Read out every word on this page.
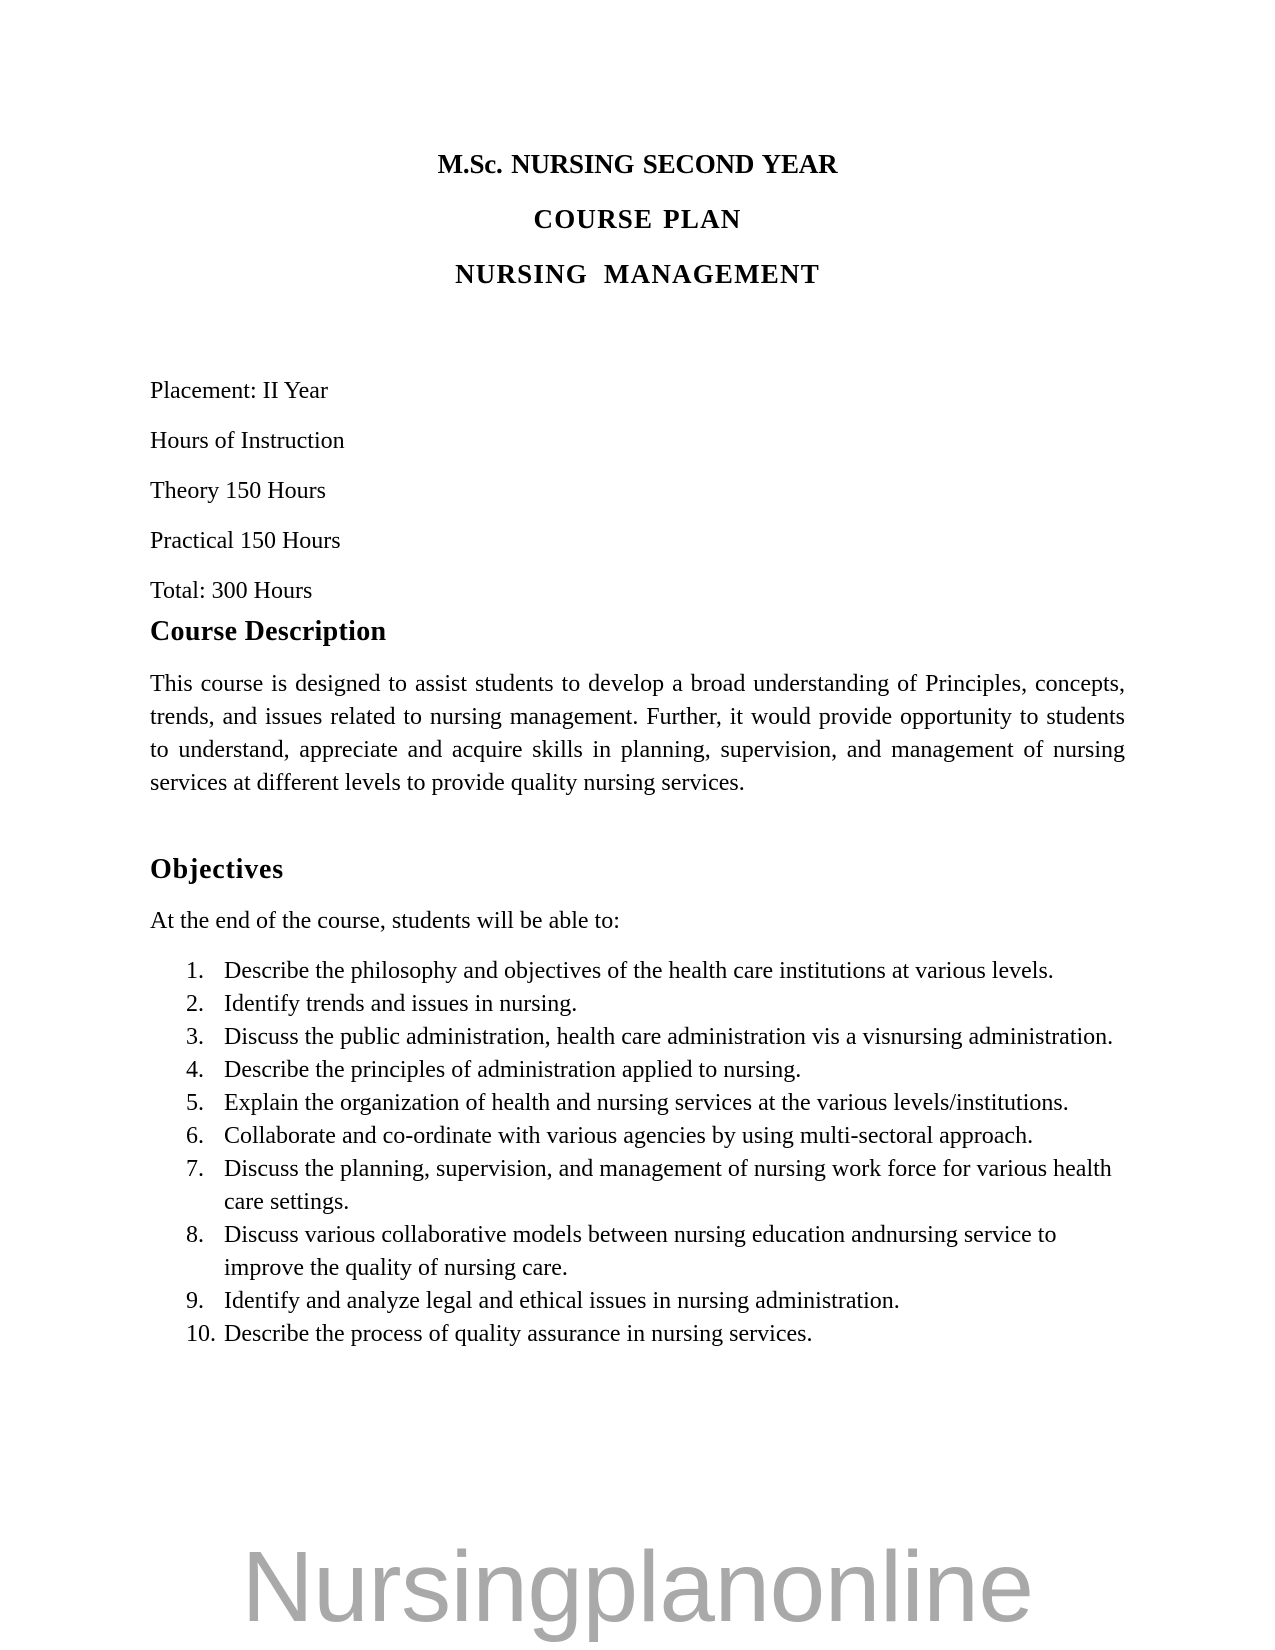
M.Sc. NURSING SECOND YEAR
COURSE PLAN
NURSING MANAGEMENT
Placement: II Year
Hours of Instruction
Theory 150 Hours
Practical 150 Hours
Total: 300 Hours
Course Description

This course is designed to assist students to develop a broad understanding of Principles, concepts, trends, and issues related to nursing management. Further, it would provide opportunity to students to understand, appreciate and acquire skills in planning, supervision, and management of nursing services at different levels to provide quality nursing services.

Objectives

At the end of the course, students will be able to:

1. Describe the philosophy and objectives of the health care institutions at various levels.
2. Identify trends and issues in nursing.
3. Discuss the public administration, health care administration vis a visnursing administration.
4. Describe the principles of administration applied to nursing.
5. Explain the organization of health and nursing services at the various levels/institutions.
6. Collaborate and co-ordinate with various agencies by using multi-sectoral approach.
7. Discuss the planning, supervision, and management of nursing work force for various health care settings.
8. Discuss various collaborative models between nursing education andnursing service to improve the quality of nursing care.
9. Identify and analyze legal and ethical issues in nursing administration.
10. Describe the process of quality assurance in nursing services.
Nursingplanonline
